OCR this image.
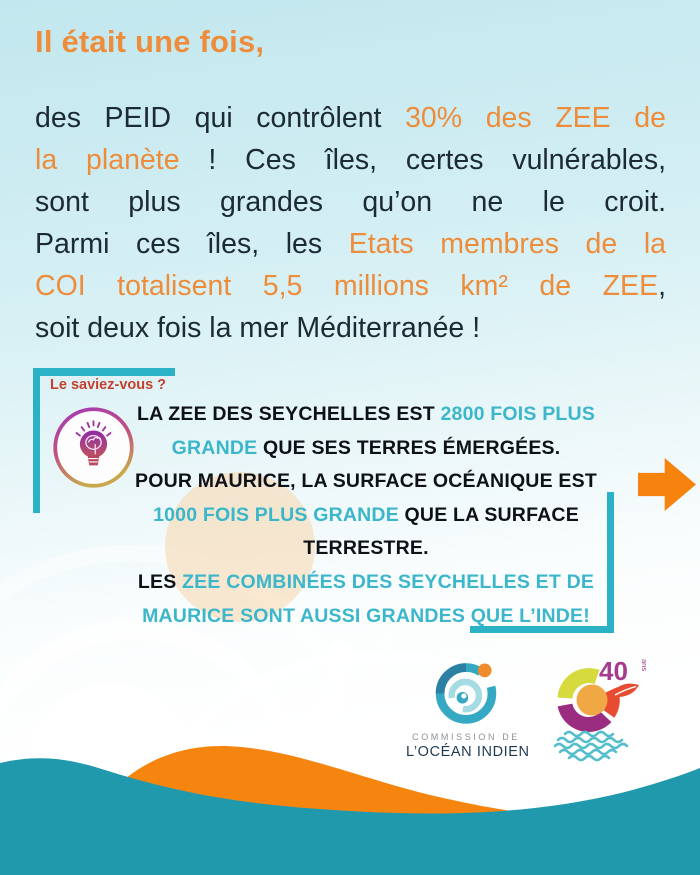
Il était une fois,
des PEID qui contrôlent 30% des ZEE de
la planète ! Ces îles, certes vulnérables,
sont plus grandes qu’on ne le croit.
Parmi ces îles, les Etats membres de la
COI totalisent 5,5 millions km² de ZEE,
soit deux fois la mer Méditerranée !
Le saviez-vous ?
LA ZEE DES SEYCHELLES EST 2800 FOIS PLUS
GRANDE QUE SES TERRES ÉMERGÉES.
POUR MAURICE, LA SURFACE OCÉANIQUE EST
1000 FOIS PLUS GRANDE QUE LA SURFACE
TERRESTRE.
LES ZEE COMBINÉES DES SEYCHELLES ET DE
MAURICE SONT AUSSI GRANDES QUE L’INDE!
COMMISSION DE
L’OCÉAN INDIEN
40 ans
